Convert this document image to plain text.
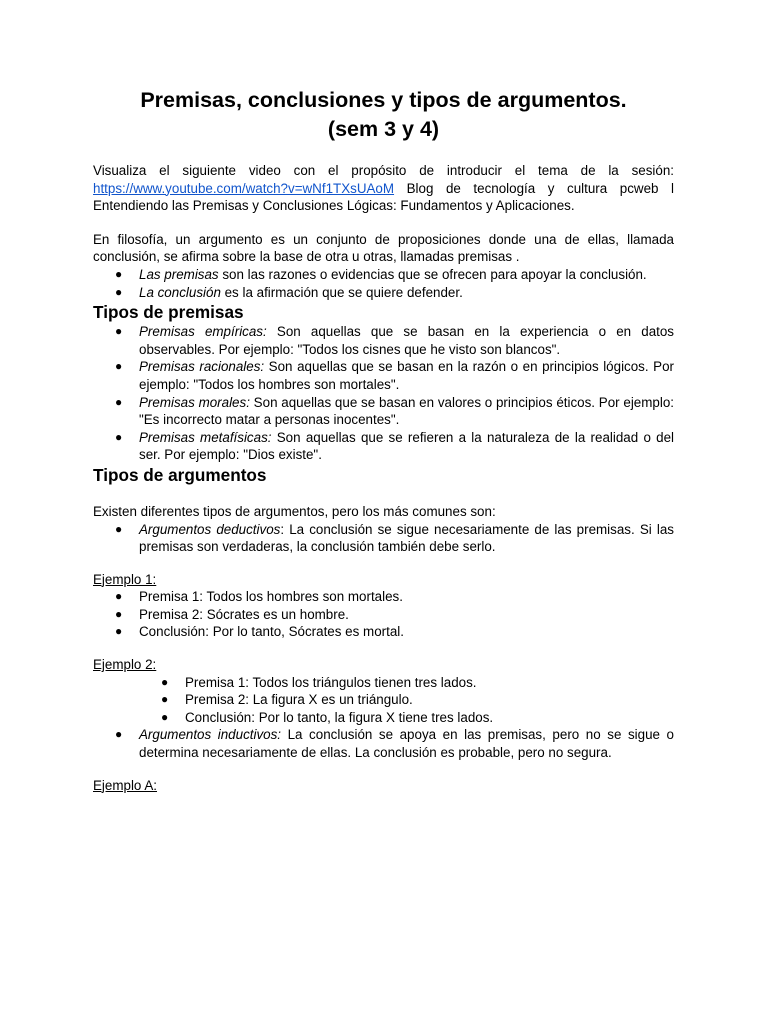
Premisas, conclusiones y tipos de argumentos.
(sem 3 y 4)

Visualiza el siguiente video con el propósito de introducir el tema de la sesión: https://www.youtube.com/watch?v=wNf1TXsUAoM Blog de tecnología y cultura pcweb l Entendiendo las Premisas y Conclusiones Lógicas: Fundamentos y Aplicaciones.

En filosofía, un argumento es un conjunto de proposiciones donde una de ellas, llamada conclusión, se afirma sobre la base de otra u otras, llamadas premisas .

● Las premisas son las razones o evidencias que se ofrecen para apoyar la conclusión.
● La conclusión es la afirmación que se quiere defender.
Tipos de premisas
● Premisas empíricas: Son aquellas que se basan en la experiencia o en datos observables. Por ejemplo: "Todos los cisnes que he visto son blancos".
● Premisas racionales: Son aquellas que se basan en la razón o en principios lógicos. Por ejemplo: "Todos los hombres son mortales".
● Premisas morales: Son aquellas que se basan en valores o principios éticos. Por ejemplo: "Es incorrecto matar a personas inocentes".
● Premisas metafísicas: Son aquellas que se refieren a la naturaleza de la realidad o del ser. Por ejemplo: "Dios existe".
Tipos de argumentos

Existen diferentes tipos de argumentos, pero los más comunes son:

● Argumentos deductivos: La conclusión se sigue necesariamente de las premisas. Si las premisas son verdaderas, la conclusión también debe serlo.

Ejemplo 1:

● Premisa 1: Todos los hombres son mortales.
● Premisa 2: Sócrates es un hombre.
● Conclusión: Por lo tanto, Sócrates es mortal.

Ejemplo 2:

● Premisa 1: Todos los triángulos tienen tres lados.
● Premisa 2: La figura X es un triángulo.
● Conclusión: Por lo tanto, la figura X tiene tres lados.
● Argumentos inductivos: La conclusión se apoya en las premisas, pero no se sigue o determina necesariamente de ellas. La conclusión es probable, pero no segura.

Ejemplo A:
